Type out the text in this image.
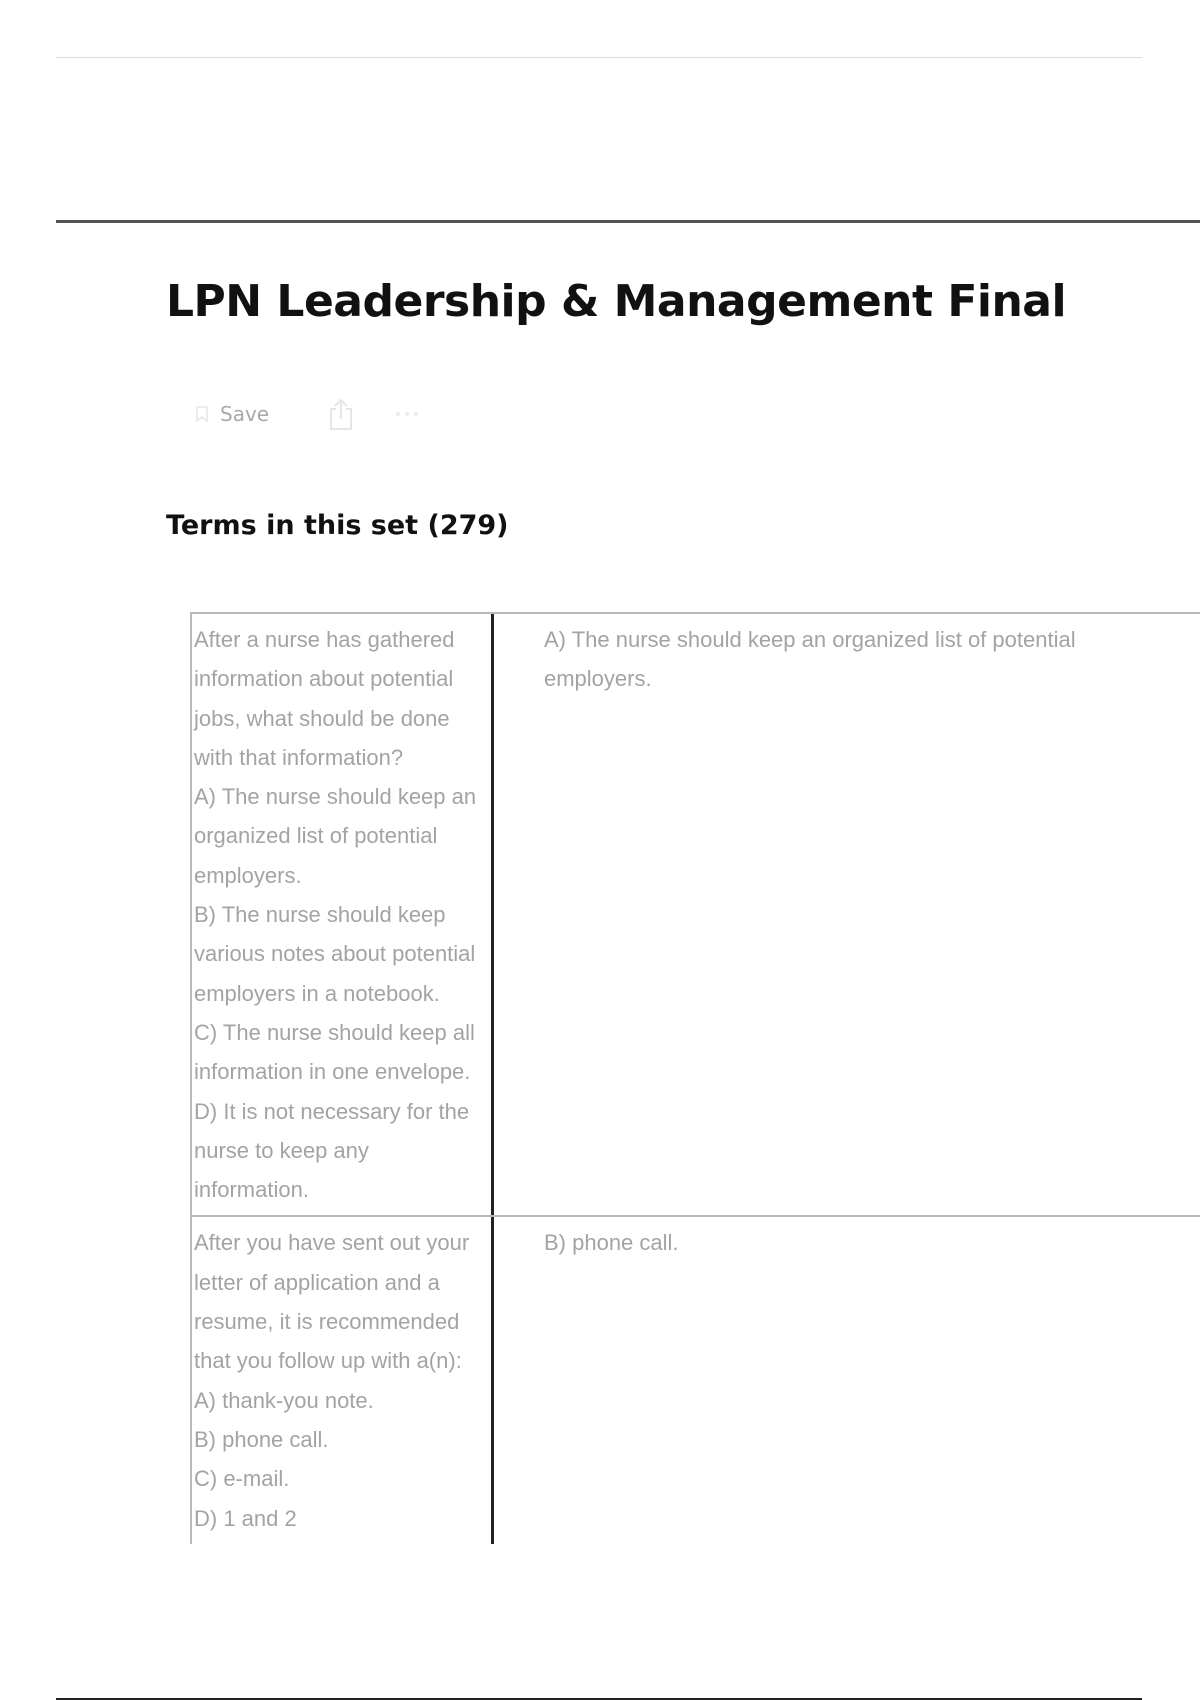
LPN Leadership & Management Final
Save
Terms in this set (279)
After a nurse has gathered information about potential jobs, what should be done with that information?
A) The nurse should keep an organized list of potential employers.
B) The nurse should keep various notes about potential employers in a notebook.
C) The nurse should keep all information in one envelope.
D) It is not necessary for the nurse to keep any information.	A) The nurse should keep an organized list of potential employers.

After you have sent out your letter of application and a resume, it is recommended that you follow up with a(n):
A) thank-you note.
B) phone call.
C) e-mail.
D) 1 and 2	B) phone call.
